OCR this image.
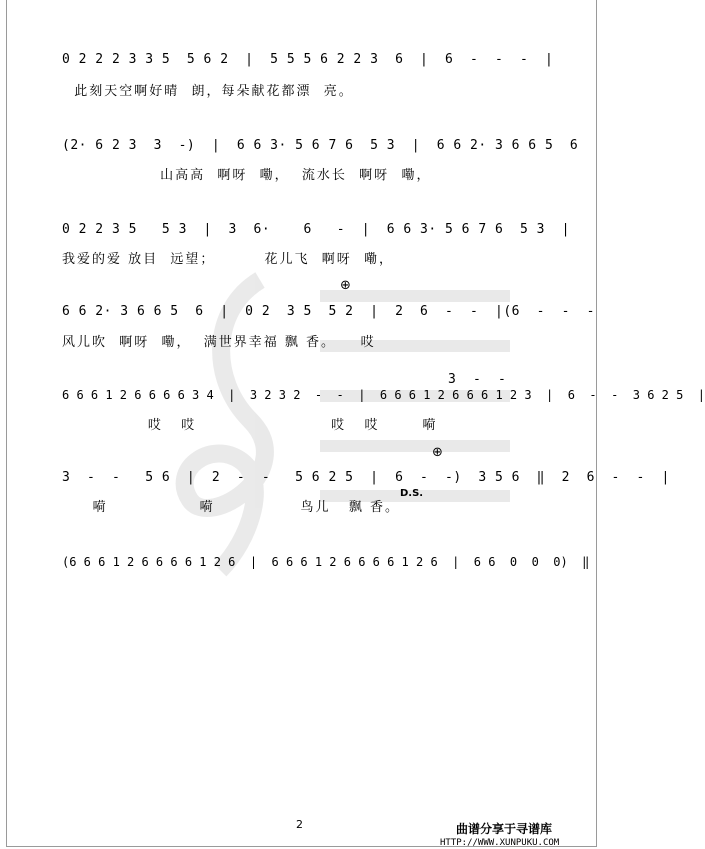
0 2 2 2 3 3 5  5 6 2  |  5 5 5 6 2 2 3  6  |  6  -  -  -  |
此刻天空啊好晴  朗，每朵献花都漂  亮。
(2· 6 2 3  3  -)  |  6 6 3· 5 6 7 6  5 3  |  6 6 2· 3 6 6 5  6
山高高  啊呀  嘞，  流水长  啊呀  嘞，
0 2 2 3 5   5 3  |  3  6·    6   -  |  6 6 3· 5 6 7 6  5 3  |
我爱的爱 放目  远望；        花儿飞  啊呀  嘞，
⊕
6 6 2· 3 6 6 5  6  |  0 2  3 5  5 2  |  2  6  -  -  |(6  -  -  -
风儿吹  啊呀  嘞，  满世界幸福 飘 香。    哎
3  -  -
6 6 6 1 2 6 6 6 6 3 4  |  3 2 3 2  -  -  |  6 6 6 1 2 6 6 6 1 2 3  |  6  -  -  3 6 2 5  |
哎   哎                      哎   哎       嗬
⊕
D.S.
3  -  -   5 6  |  2  -  -   5 6 2 5  |  6  -  -)  3 5 6  ‖  2  6  -  -  |
嗬               嗬              鸟儿   飘 香。
(6 6 6 1 2 6 6 6 6 1 2 6  |  6 6 6 1 2 6 6 6 6 1 2 6  |  6 6  0  0  0)  ‖
2	曲谱分享于寻谱库
HTTP://WWW.XUNPUKU.COM
